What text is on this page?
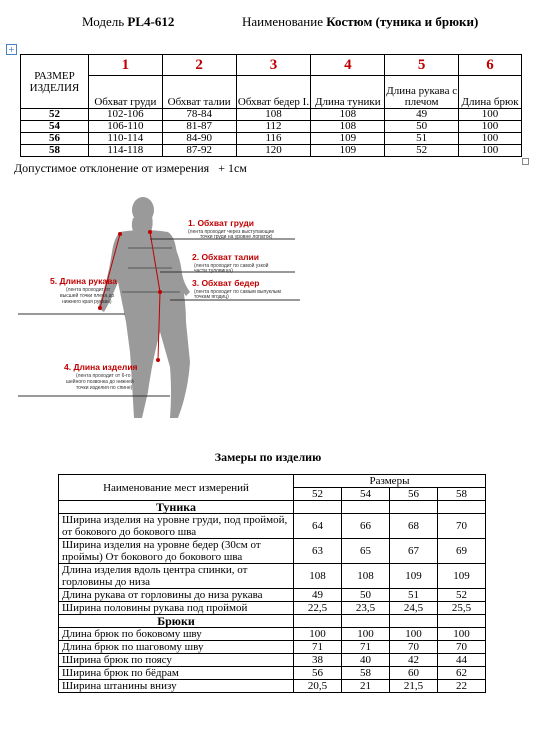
Модель PL4-612	Наименование Костюм (туника и брюки)
+
РАЗМЕР ИЗДЕЛИЯ	1	2	3	4	5	6
	Обхват груди	Обхват талии	Обхват бедер I.	Длина туники	Длина рукава с плечом	Длина брюк
52	102-106	78-84	108	108	49	100
54	106-110	81-87	112	108	50	100
56	110-114	84-90	116	109	51	100
58	114-118	87-92	120	109	52	100
Допустимое отклонение от измерения + 1см
1. Обхват груди
(лента проходит через выступающие
точки груди на уровне лопаток)
2. Обхват талии
(лента проходит по самой узкой
части туловища)
3. Обхват бедер
(лента проходит по самым выпуклым
точкам ягодиц)
4. Длина изделия
(лента проходит от 6-го
шейного позвонка до нижней
точки изделия по спине)
5. Длина рукава
(лента проходит от
высшей точки плеча до
нижнего края рукава)
Замеры по изделию
Наименование мест измерений	Размеры			
	52	54	56	58
Туника				
Ширина изделия на уровне груди, под проймой, от бокового до бокового шва	64	66	68	70
Ширина изделия на уровне бедер (30см от проймы) От бокового до бокового шва	63	65	67	69
Длина изделия вдоль центра спинки, от горловины до низа	108	108	109	109
Длина рукава от горловины до низа рукава	49	50	51	52
Ширина половины рукава под проймой	22,5	23,5	24,5	25,5
Брюки				
Длина брюк по боковому шву	100	100	100	100
Длина брюк по шаговому шву	71	71	70	70
Ширина брюк по поясу	38	40	42	44
Ширина брюк по бёдрам	56	58	60	62
Ширина штанины внизу	20,5	21	21,5	22
